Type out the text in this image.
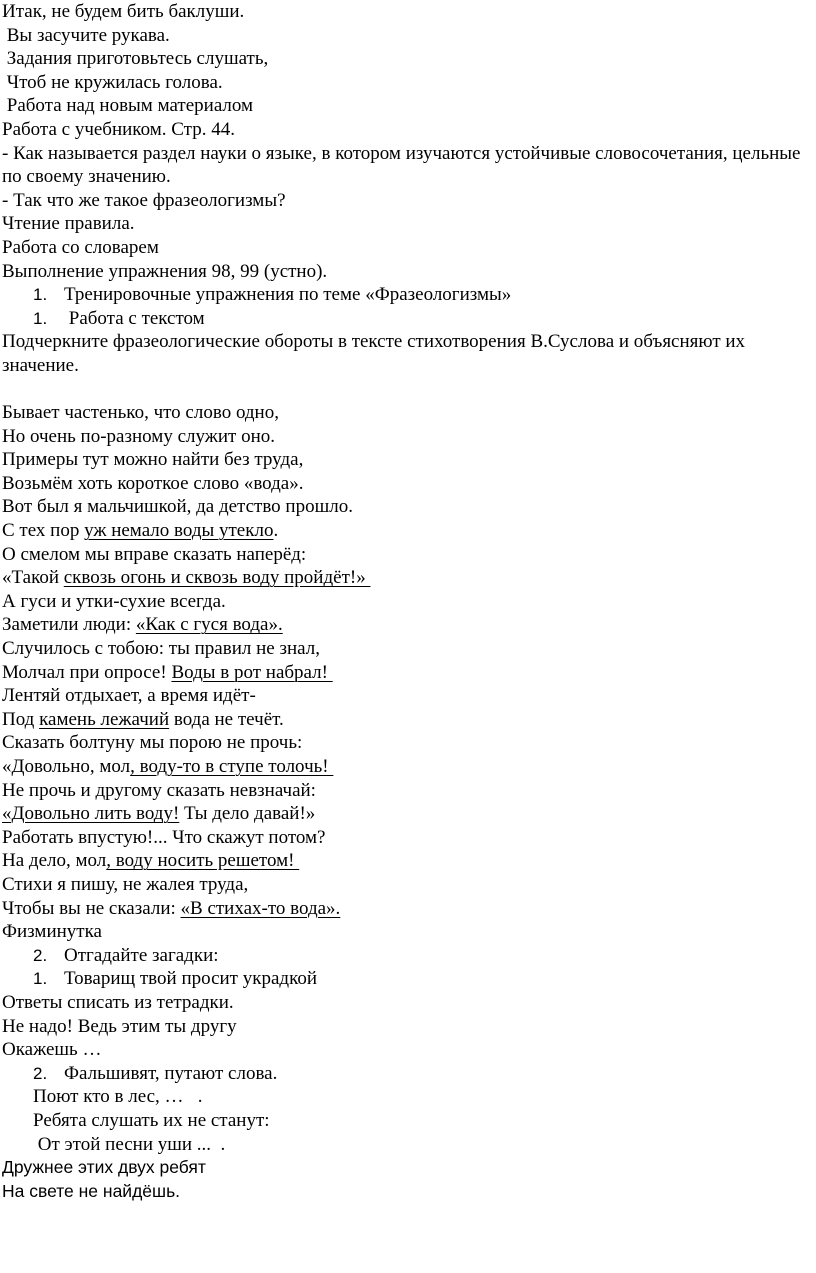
Итак, не будем бить баклуши.

Вы засучите рукава.

Задания приготовьтесь слушать,

Чтоб не кружилась голова.

Работа над новым материалом

Работа с учебником. Стр. 44.

- Как называется раздел науки о языке, в котором изучаются устойчивые словосочетания, цельные по своему значению.

- Так что же такое фразеологизмы?

Чтение правила.

Работа со словарем

Выполнение упражнения 98, 99 (устно).

1. Тренировочные упражнения по теме «Фразеологизмы»
1. Работа с текстом

Подчеркните фразеологические обороты в тексте стихотворения В.Суслова и объясняют их значение.

Бывает частенько, что слово одно,

Но очень по-разному служит оно.

Примеры тут можно найти без труда,

Возьмём хоть короткое слово «вода».

Вот был я мальчишкой, да детство прошло.

С тех пор уж немало воды утекло.

О смелом мы вправе сказать наперёд:

«Такой сквозь огонь и сквозь воду пройдёт!»

А гуси и утки-сухие всегда.

Заметили люди: «Как с гуся вода».

Случилось с тобою: ты правил не знал,

Молчал при опросе! Воды в рот набрал!

Лентяй отдыхает, а время идёт-

Под камень лежачий вода не течёт.

Сказать болтуну мы порою не прочь:

«Довольно, мол, воду-то в ступе толочь!

Не прочь и другому сказать невзначай:

«Довольно лить воду! Ты дело давай!»

Работать впустую!... Что скажут потом?

На дело, мол, воду носить решетом!

Стихи я пишу, не жалея труда,

Чтобы вы не сказали: «В стихах-то вода».

Физминутка

2. Отгадайте загадки:
1. Товарищ твой просит украдкой

Ответы списать из тетрадки.

Не надо! Ведь этим ты другу

Окажешь …

2. Фальшивят, путают слова.

Поют кто в лес, …   .

Ребята слушать их не станут:

От этой песни уши ...  .

Дружнее этих двух ребят

На свете не найдёшь.
